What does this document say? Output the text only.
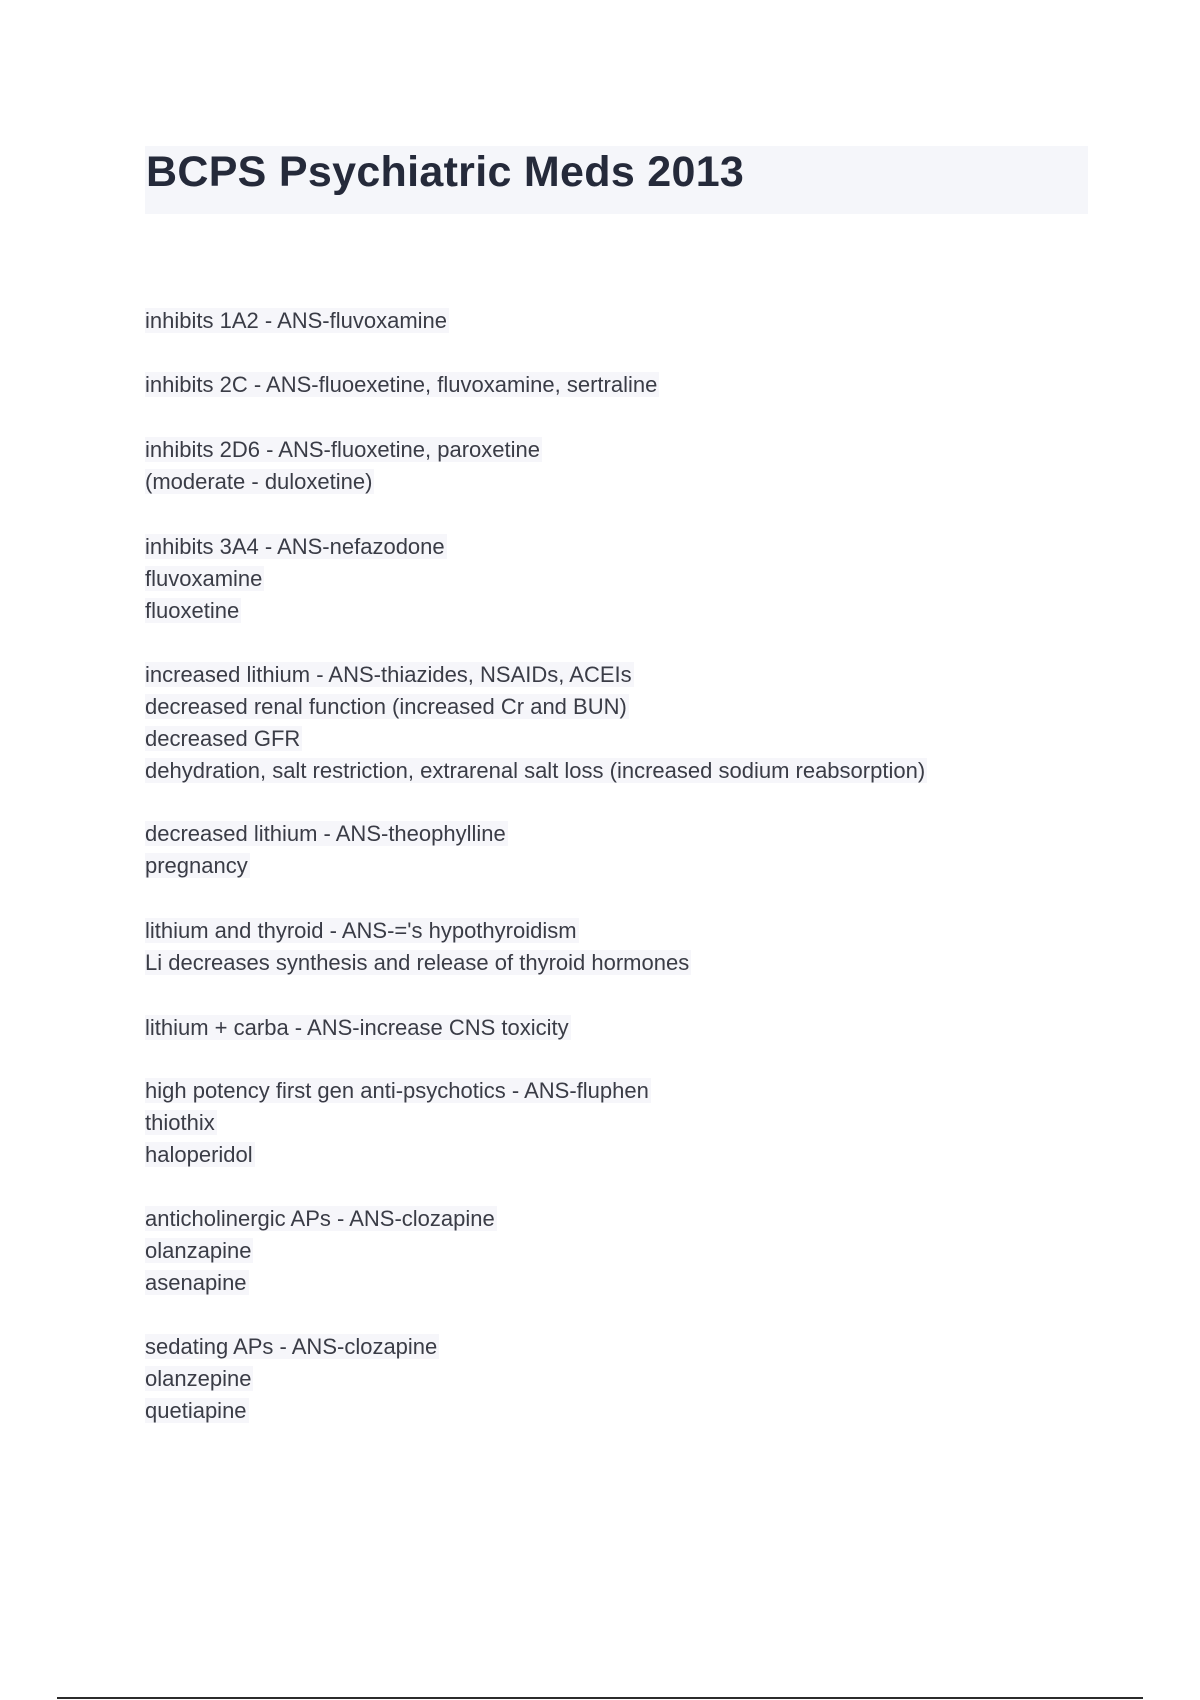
BCPS Psychiatric Meds 2013
inhibits 1A2 - ANS-fluvoxamine
inhibits 2C - ANS-fluoexetine, fluvoxamine, sertraline
inhibits 2D6 - ANS-fluoxetine, paroxetine
(moderate - duloxetine)
inhibits 3A4 - ANS-nefazodone
fluvoxamine
fluoxetine
increased lithium - ANS-thiazides, NSAIDs, ACEIs
decreased renal function (increased Cr and BUN)
decreased GFR
dehydration, salt restriction, extrarenal salt loss (increased sodium reabsorption)
decreased lithium - ANS-theophylline
pregnancy
lithium and thyroid - ANS-='s hypothyroidism
Li decreases synthesis and release of thyroid hormones
lithium + carba - ANS-increase CNS toxicity
high potency first gen anti-psychotics - ANS-fluphen
thiothix
haloperidol
anticholinergic APs - ANS-clozapine
olanzapine
asenapine
sedating APs - ANS-clozapine
olanzepine
quetiapine
